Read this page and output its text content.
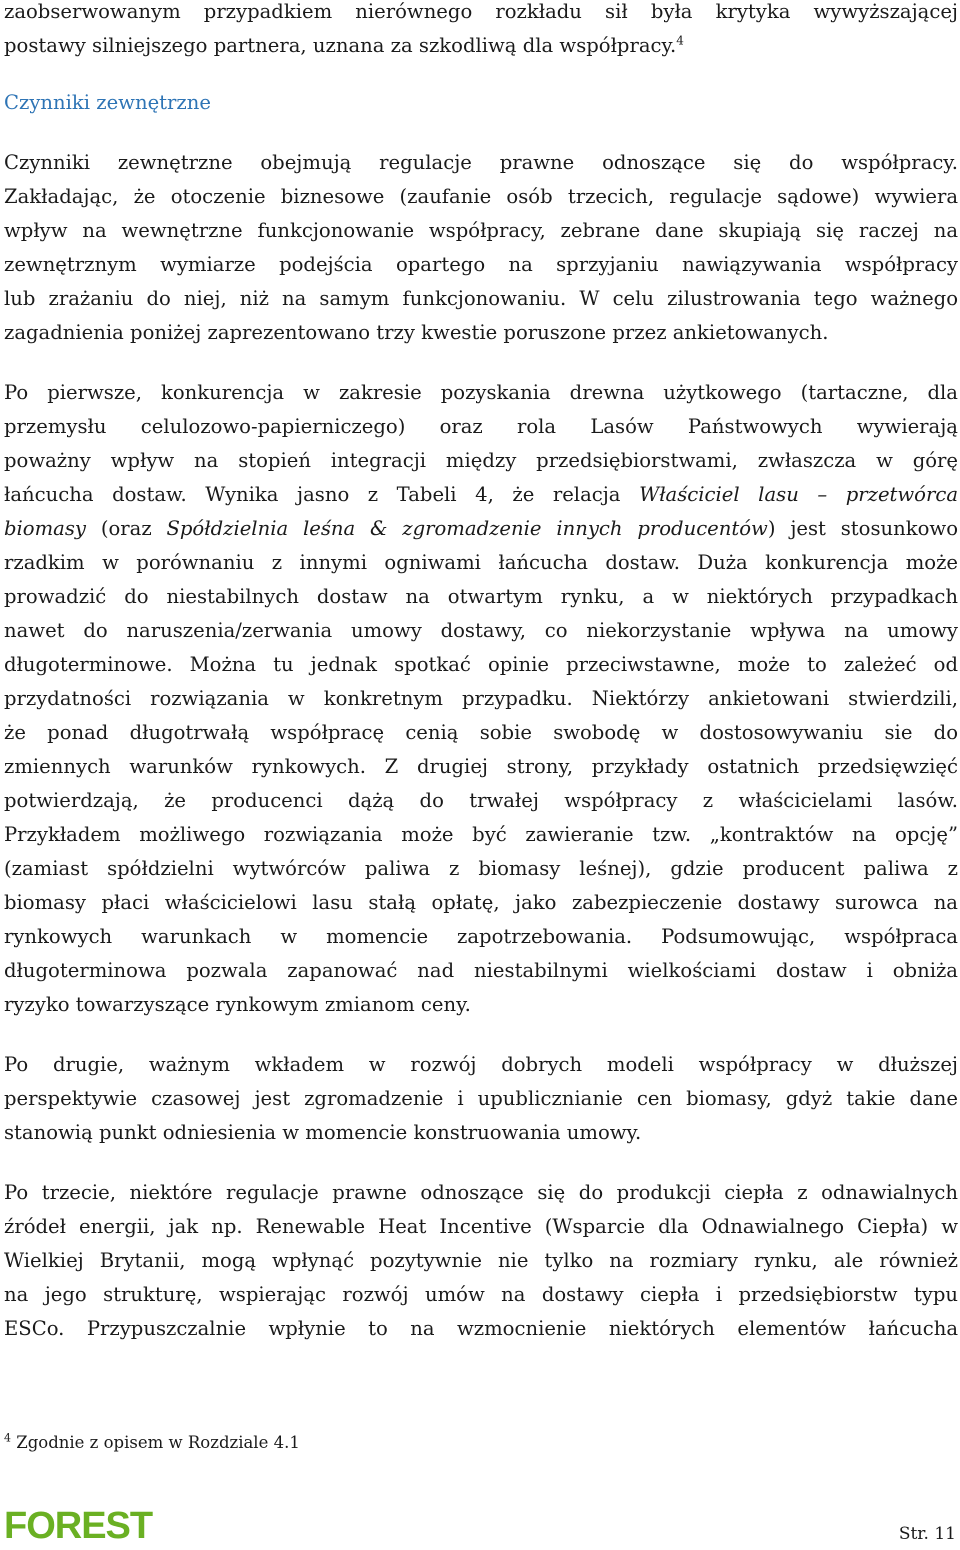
zaobserwowanym przypadkiem nierównego rozkładu sił była krytyka wywyższającej
postawy silniejszego partnera, uznana za szkodliwą dla współpracy.$^4$
Czynniki zewnętrzne
Czynniki zewnętrzne obejmują regulacje prawne odnoszące się do współpracy.
Zakładając, że otoczenie biznesowe (zaufanie osób trzecich, regulacje sądowe) wywiera
wpływ na wewnętrzne funkcjonowanie współpracy, zebrane dane skupiają się raczej na
zewnętrznym wymiarze podejścia opartego na sprzyjaniu nawiązywania współpracy
lub zrażaniu do niej, niż na samym funkcjonowaniu. W celu zilustrowania tego ważnego
zagadnienia poniżej zaprezentowano trzy kwestie poruszone przez ankietowanych.
Po pierwsze, konkurencja w zakresie pozyskania drewna użytkowego (tartaczne, dla
przemysłu celulozowo-papierniczego) oraz rola Lasów Państwowych wywierają
poważny wpływ na stopień integracji między przedsiębiorstwami, zwłaszcza w górę
łańcucha dostaw. Wynika jasno z Tabeli 4, że relacja Właściciel lasu – przetwórca
biomasy (oraz Spółdzielnia leśna & zgromadzenie innych producentów) jest stosunkowo
rzadkim w porównaniu z innymi ogniwami łańcucha dostaw. Duża konkurencja może
prowadzić do niestabilnych dostaw na otwartym rynku, a w niektórych przypadkach
nawet do naruszenia/zerwania umowy dostawy, co niekorzystanie wpływa na umowy
długoterminowe. Można tu jednak spotkać opinie przeciwstawne, może to zależeć od
przydatności rozwiązania w konkretnym przypadku. Niektórzy ankietowani stwierdzili,
że ponad długotrwałą współpracę cenią sobie swobodę w dostosowywaniu sie do
zmiennych warunków rynkowych. Z drugiej strony, przykłady ostatnich przedsięwzięć
potwierdzają, że producenci dążą do trwałej współpracy z właścicielami lasów.
Przykładem możliwego rozwiązania może być zawieranie tzw. „kontraktów na opcję”
(zamiast spółdzielni wytwórców paliwa z biomasy leśnej), gdzie producent paliwa z
biomasy płaci właścicielowi lasu stałą opłatę, jako zabezpieczenie dostawy surowca na
rynkowych warunkach w momencie zapotrzebowania. Podsumowując, współpraca
długoterminowa pozwala zapanować nad niestabilnymi wielkościami dostaw i obniża
ryzyko towarzyszące rynkowym zmianom ceny.
Po drugie, ważnym wkładem w rozwój dobrych modeli współpracy w dłuższej
perspektywie czasowej jest zgromadzenie i upublicznianie cen biomasy, gdyż takie dane
stanowią punkt odniesienia w momencie konstruowania umowy.
Po trzecie, niektóre regulacje prawne odnoszące się do produkcji ciepła z odnawialnych
źródeł energii, jak np. Renewable Heat Incentive (Wsparcie dla Odnawialnego Ciepła) w
Wielkiej Brytanii, mogą wpłynąć pozytywnie nie tylko na rozmiary rynku, ale również
na jego strukturę, wspierając rozwój umów na dostawy ciepła i przedsiębiorstw typu
ESCo. Przypuszczalnie wpłynie to na wzmocnienie niektórych elementów łańcucha
$^4$ Zgodnie z opisem w Rozdziale 4.1
FOREST	Str. 11
